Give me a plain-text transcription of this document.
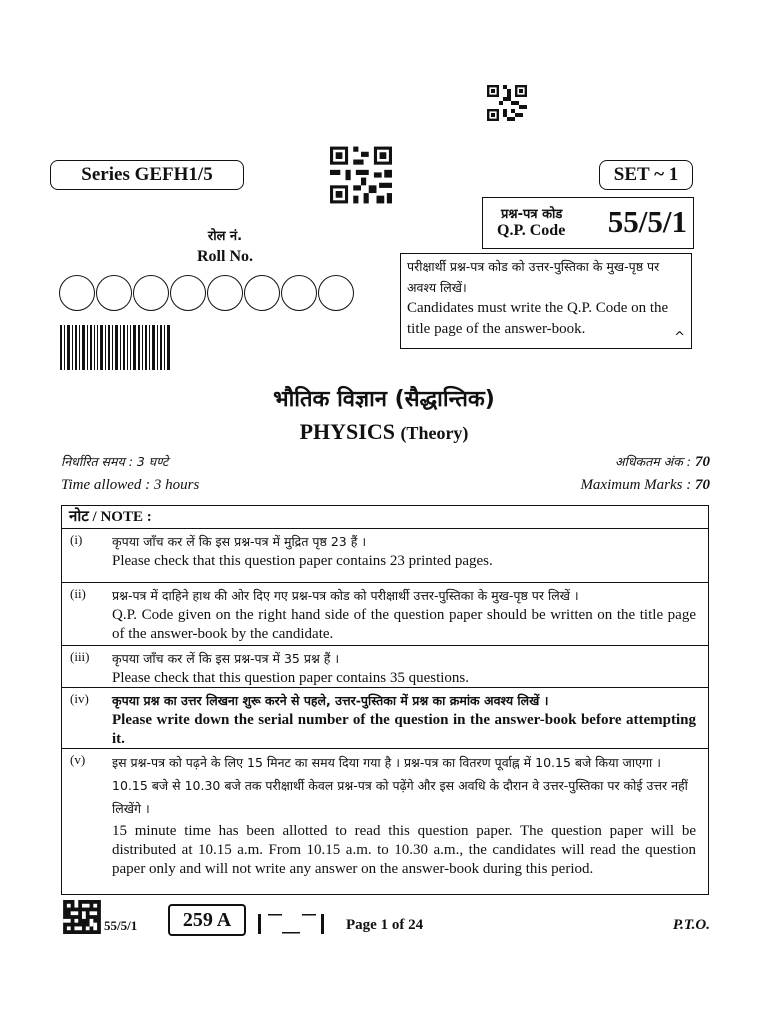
Series GEFH1/5	SET ~ 1
प्रश्न-पत्र कोड
Q.P. Code 55/5/1
रोल नं.
Roll No.
परीक्षार्थी प्रश्न-पत्र कोड को उत्तर-पुस्तिका के मुख-पृष्ठ पर अवश्य लिखें।
Candidates must write the Q.P. Code on the title page of the answer-book.
^
भौतिक विज्ञान (सैद्धान्तिक)
PHYSICS (Theory)
निर्धारित समय : 3 घण्टे
Time allowed : 3 hours
अधिकतम अंक : 70
Maximum Marks : 70
नोट / NOTE :
(i) कृपया जाँच कर लें कि इस प्रश्न-पत्र में मुद्रित पृष्ठ 23 हैं ।
Please check that this question paper contains 23 printed pages.
(ii) प्रश्न-पत्र में दाहिने हाथ की ओर दिए गए प्रश्न-पत्र कोड को परीक्षार्थी उत्तर-पुस्तिका के मुख-पृष्ठ पर लिखें ।
Q.P. Code given on the right hand side of the question paper should be written on the title page of the answer-book by the candidate.
(iii) कृपया जाँच कर लें कि इस प्रश्न-पत्र में 35 प्रश्न हैं ।
Please check that this question paper contains 35 questions.
(iv) कृपया प्रश्न का उत्तर लिखना शुरू करने से पहले, उत्तर-पुस्तिका में प्रश्न का क्रमांक अवश्य लिखें ।
Please write down the serial number of the question in the answer-book before attempting it.
(v) इस प्रश्न-पत्र को पढ़ने के लिए 15 मिनट का समय दिया गया है । प्रश्न-पत्र का वितरण पूर्वाह्न में 10.15 बजे किया जाएगा । 10.15 बजे से 10.30 बजे तक परीक्षार्थी केवल प्रश्न-पत्र को पढ़ेंगे और इस अवधि के दौरान वे उत्तर-पुस्तिका पर कोई उत्तर नहीं लिखेंगे ।
15 minute time has been allotted to read this question paper. The question paper will be distributed at 10.15 a.m. From 10.15 a.m. to 10.30 a.m., the candidates will read the question paper only and will not write any answer on the answer-book during this period.
55/5/1	259 A	Page 1 of 24	P.T.O.
